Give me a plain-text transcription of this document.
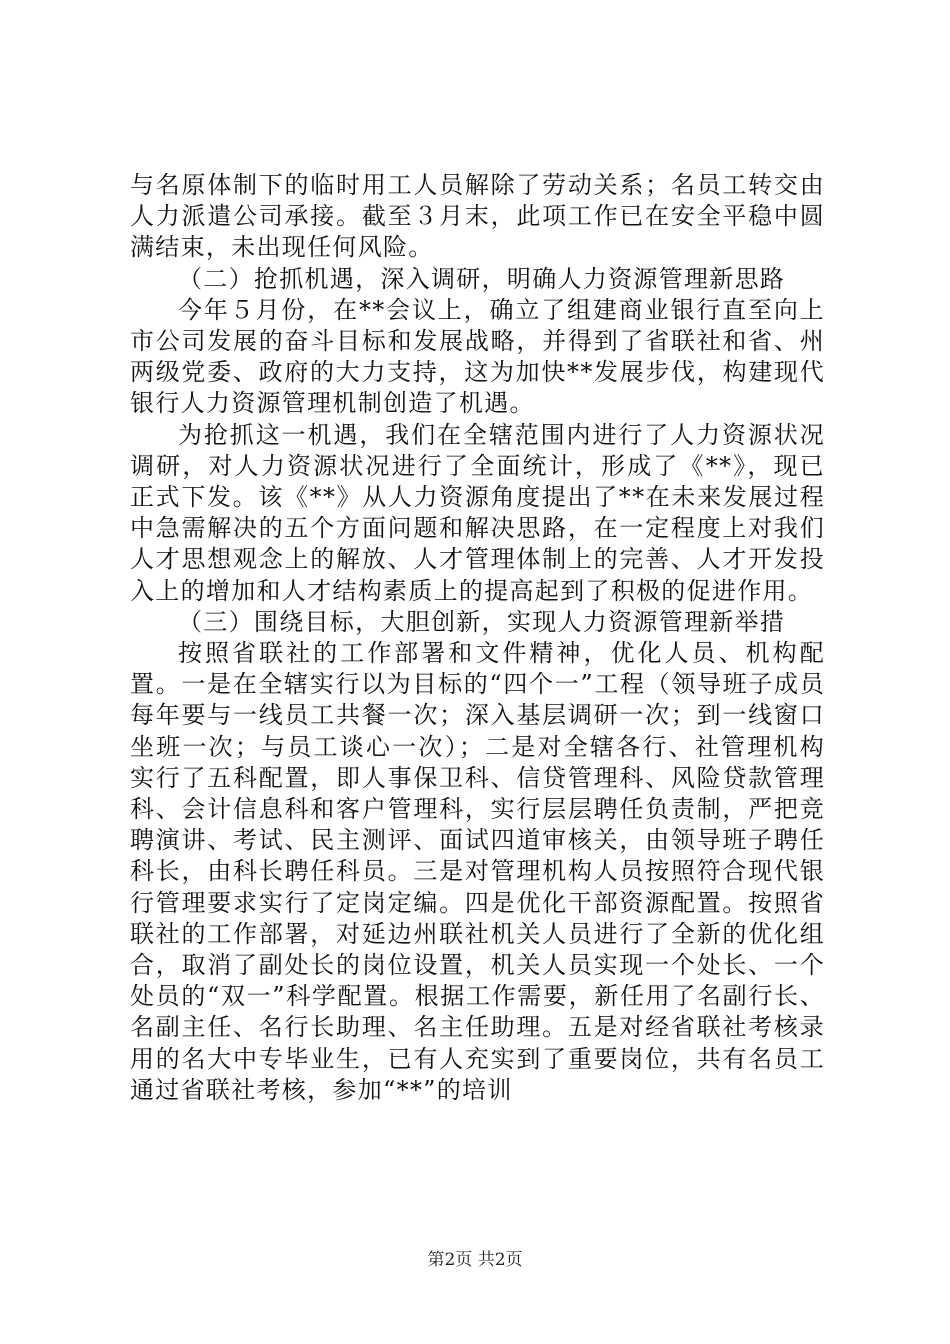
与名原体制下的临时用工人员解除了劳动关系；名员工转交由人力派遣公司承接。截至３月末，此项工作已在安全平稳中圆满结束，未出现任何风险。

（二）抢抓机遇，深入调研，明确人力资源管理新思路

今年５月份，在**会议上，确立了组建商业银行直至向上市公司发展的奋斗目标和发展战略，并得到了省联社和省、州两级党委、政府的大力支持，这为加快**发展步伐，构建现代银行人力资源管理机制创造了机遇。

为抢抓这一机遇，我们在全辖范围内进行了人力资源状况调研，对人力资源状况进行了全面统计，形成了《**》，现已正式下发。该《**》从人力资源角度提出了**在未来发展过程中急需解决的五个方面问题和解决思路，在一定程度上对我们人才思想观念上的解放、人才管理体制上的完善、人才开发投入上的增加和人才结构素质上的提高起到了积极的促进作用。

（三）围绕目标，大胆创新，实现人力资源管理新举措

按照省联社的工作部署和文件精神，优化人员、机构配置。一是在全辖实行以为目标的“四个一”工程（领导班子成员每年要与一线员工共餐一次；深入基层调研一次；到一线窗口坐班一次；与员工谈心一次）；二是对全辖各行、社管理机构实行了五科配置，即人事保卫科、信贷管理科、风险贷款管理科、会计信息科和客户管理科，实行层层聘任负责制，严把竞聘演讲、考试、民主测评、面试四道审核关，由领导班子聘任科长，由科长聘任科员。三是对管理机构人员按照符合现代银行管理要求实行了定岗定编。四是优化干部资源配置。按照省联社的工作部署，对延边州联社机关人员进行了全新的优化组合，取消了副处长的岗位设置，机关人员实现一个处长、一个处员的“双一”科学配置。根据工作需要，新任用了名副行长、名副主任、名行长助理、名主任助理。五是对经省联社考核录用的名大中专毕业生，已有人充实到了重要岗位，共有名员工通过省联社考核，参加“**”的培训

第2页 共2页
